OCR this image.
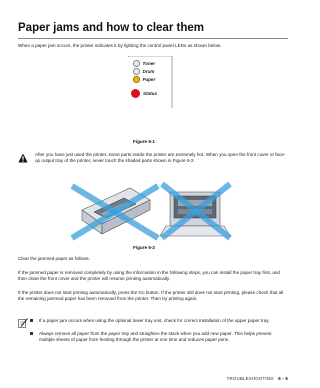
Paper jams and how to clear them
When a paper jam occurs, the printer indicates it by lighting the control panel LEDs as shown below.
Toner
Drum
Paper
Status
Figure 6-1
After you have just used the printer, some parts inside the printer are extremely hot. When you open the front cover or face-up output tray of the printer, never touch the shaded parts shown in Figure 6-2.
Figure 6-2
Clear the jammed paper as follows.
If the jammed paper is removed completely by using the information in the following steps, you can install the paper tray first, and then close the front cover and the printer will resume printing automatically.
If the printer does not start printing automatically, press the Go button. If the printer still does not start printing, please check that all the remaining jammed paper has been removed from the printer. Then try printing again.
If a paper jam occurs when using the optional lower tray unit, check for correct installation of the upper paper tray.
Always remove all paper from the paper tray and straighten the stack when you add new paper. This helps prevent multiple sheets of paper from feeding through the printer at one time and reduces paper jams.
TROUBLESHOOTING 6 - 6
